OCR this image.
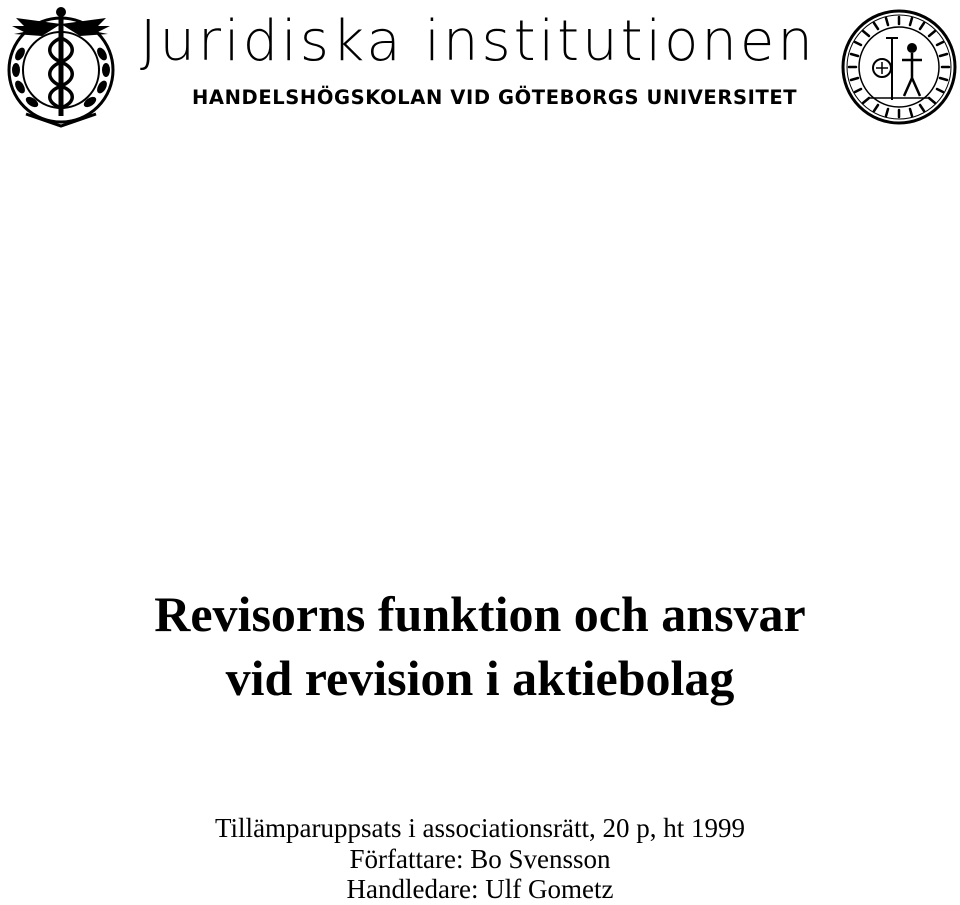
Juridiska institutionen
HANDELSHÖGSKOLAN VID GÖTEBORGS UNIVERSITET
Revisorns funktion och ansvar
vid revision i aktiebolag
Tillämparuppsats i associationsrätt, 20 p, ht 1999
Författare: Bo Svensson
Handledare: Ulf Gometz
